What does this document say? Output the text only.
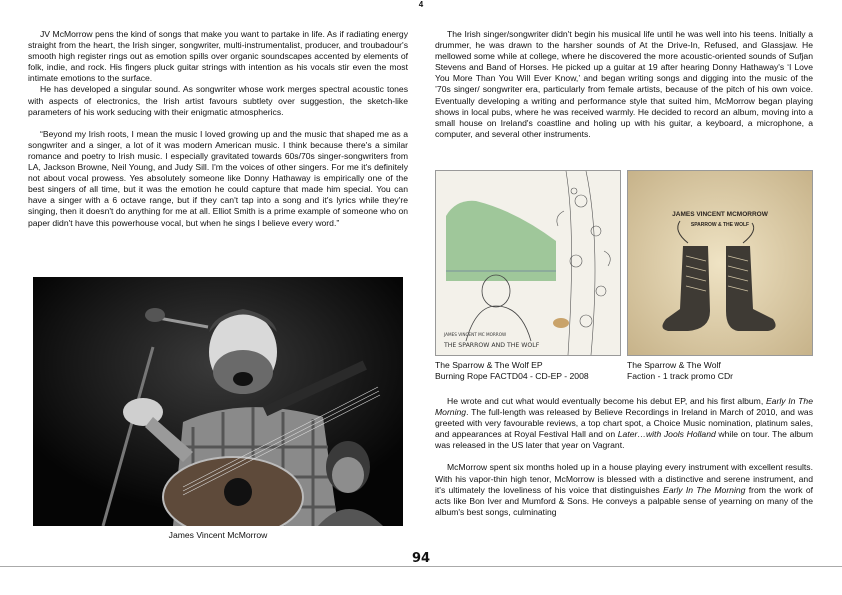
4

JV McMorrow pens the kind of songs that make you want to partake in life. As if radiating energy straight from the heart, the Irish singer, songwriter, multi-instrumentalist, producer, and troubadour's smooth high register rings out as emotion spills over organic soundscapes accented by elements of folk, indie, and rock. His fingers pluck guitar strings with intention as his vocals stir even the most intimate emotions to the surface.

He has developed a singular sound. As songwriter whose work merges spectral acoustic tones with aspects of electronics, the Irish artist favours subtlety over suggestion, the sketch-like parameters of his work seducing with their enigmatic atmospherics.

“Beyond my Irish roots, I mean the music I loved growing up and the music that shaped me as a songwriter and a singer, a lot of it was modern American music. I think because there's a similar romance and poetry to Irish music. I especially gravitated towards 60s/70s singer-songwriters from LA, Jackson Browne, Neil Young, and Judy Sill. I'm the voices of other singers. For me it's definitely not about vocal prowess. Yes absolutely someone like Donny Hathaway is empirically one of the best singers of all time, but it was the emotion he could capture that made him special. You can have a singer with a 6 octave range, but if they can't tap into a song and it's lyrics while they're singing, then it doesn't do anything for me at all. Elliot Smith is a prime example of someone who on paper didn't have this powerhouse vocal, but when he sings I believe every word.”

James Vincent McMorrow

The Irish singer/songwriter didn't begin his musical life until he was well into his teens. Initially a drummer, he was drawn to the harsher sounds of At the Drive-In, Refused, and Glassjaw. He mellowed some while at college, where he discovered the more acoustic-oriented sounds of Sufjan Stevens and Band of Horses. He picked up a guitar at 19 after hearing Donny Hathaway's ‘I Love You More Than You Will Ever Know,’ and began writing songs and digging into the music of the ’70s singer/ songwriter era, particularly from female artists, because of the pitch of his own voice. Eventually developing a writing and performance style that suited him, McMorrow began playing shows in local pubs, where he was received warmly. He decided to record an album, moving into a small house on Ireland's coastline and holing up with his guitar, a keyboard, a microphone, a computer, and several other instruments.

JAMES VINCENT MC MORROW
THE SPARROW AND THE WOLF
JAMES VINCENT MCMORROW
SPARROW & THE WOLF
The Sparrow & The Wolf EP
Burning Rope FACTD04 - CD-EP - 2008
The Sparrow & The Wolf
Faction - 1 track promo CDr

He wrote and cut what would eventually become his debut EP, and his first album, Early In The Morning. The full-length was released by Believe Recordings in Ireland in March of 2010, and was greeted with very favourable reviews, a top chart spot, a Choice Music nomination, platinum sales, and appearances at Royal Festival Hall and on Later…with Jools Holland while on tour. The album was released in the US later that year on Vagrant.

McMorrow spent six months holed up in a house playing every instrument with excellent results. With his vapor-thin high tenor, McMorrow is blessed with a distinctive and serene instrument, and it's ultimately the loveliness of his voice that distinguishes Early In The Morning from the work of acts like Bon Iver and Mumford & Sons. He conveys a palpable sense of yearning on many of the album's best songs, culminating

94
